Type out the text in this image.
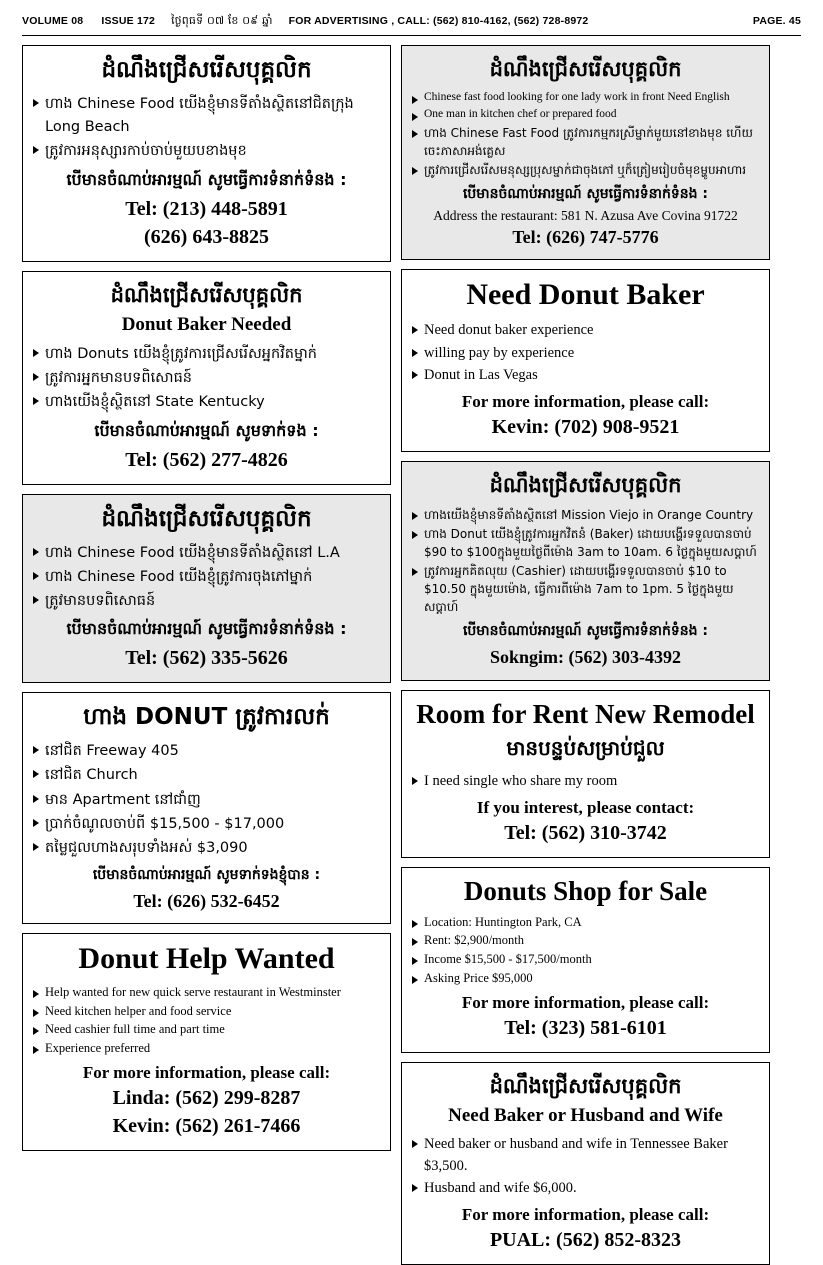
VOLUME 08 ISSUE 172 ថ្ងៃពុធទី ០៧ ខែ ០៩ ឆ្នាំ FOR ADVERTISING , CALL: (562) 810-4162, (562) 728-8972	PAGE. 45
ដំណឹងជ្រើសរើសបុគ្គលិក
ហាង Chinese Food យើងខ្ញុំមានទីតាំងស្ថិតនៅជិតក្រុង Long Beach
ត្រូវការអនុស្សារកាប់ចាប់មួយបខាងមុខ
បើមានចំណាប់អារម្មណ៍ សូមធ្វើការទំនាក់ទំនង :
Tel: (213) 448-5891
(626) 643-8825
ដំណឹងជ្រើសរើសបុគ្គលិក
Donut Baker Needed
ហាង Donuts យើងខ្ញុំត្រូវការជ្រើសរើសអ្នកវិតម្នាក់
ត្រូវការអ្នកមានបទពិសោធន៍
ហាងយើងខ្ញុំស្ថិតនៅ State Kentucky
បើមានចំណាប់អារម្មណ៍ សូមទាក់ទង :
Tel: (562) 277-4826
ដំណឹងជ្រើសរើសបុគ្គលិក
ហាង Chinese Food យើងខ្ញុំមានទីតាំងស្ថិតនៅ L.A
ហាង Chinese Food យើងខ្ញុំត្រូវការចុងភៅម្នាក់
ត្រូវមានបទពិសោធន៍
បើមានចំណាប់អារម្មណ៍ សូមធ្វើការទំនាក់ទំនង :
Tel: (562) 335-5626
ហាង DONUT ត្រូវការលក់
នៅជិត Freeway 405
នៅជិត Church
មាន Apartment នៅជាំញ
ប្រាក់ចំណូលចាប់ពី $15,500 - $17,000
តម្លៃជួលហាងសរុបទាំងអស់ $3,090
បើមានចំណាប់អារម្មណ៍ សូមទាក់ទងខ្ញុំបាន :
Tel: (626) 532-6452
Donut Help Wanted
Help wanted for new quick serve restaurant in Westminster
Need kitchen helper and food service
Need cashier full time and part time
Experience preferred
For more information, please call:
Linda: (562) 299-8287
Kevin: (562) 261-7466
ដំណឹងជ្រើសរើសបុគ្គលិក
Chinese fast food looking for one lady work in front Need English
One man in kitchen chef or prepared food
ហាង Chinese Fast Food ត្រូវការកម្មករស្រីម្នាក់មួយនៅខាងមុខ ហើយចេះភាសាអង់គ្លេស
ត្រូវការជ្រើសរើសមនុស្សប្រុសម្នាក់ជាចុងភៅ ឬក៏ត្រៀមរៀបចំមុខម្ហូបអាហារ
បើមានចំណាប់អារម្មណ៍ សូមធ្វើការទំនាក់ទំនង :
Address the restaurant: 581 N. Azusa Ave Covina 91722
Tel: (626) 747-5776
Need Donut Baker
Need donut baker experience
willing pay by experience
Donut in Las Vegas
For more information, please call:
Kevin: (702) 908-9521
ដំណឹងជ្រើសរើសបុគ្គលិក
ហាងយើងខ្ញុំមានទីតាំងស្ថិតនៅ Mission Viejo in Orange Country
ហាង Donut យើងខ្ញុំត្រូវការអ្នកវិតនំ (Baker) ដោយបង្ហើរទទួលបានចាប់ $90 to $100ក្នុងមួយថ្ងៃពីម៉ោង 3am to 10am. 6 ថ្ងៃក្នុងមួយសប្តាហ៍
ត្រូវការអ្នកគិតលុយ (Cashier) ដោយបង្ហើរទទួលបានចាប់ $10 to $10.50 ក្នុងមួយម៉ោង, ធ្វើការពីម៉ោង 7am to 1pm. 5 ថ្ងៃក្នុងមួយសប្តាហ៍
បើមានចំណាប់អារម្មណ៍ សូមធ្វើការទំនាក់ទំនង :
Sokngim: (562) 303-4392
Room for Rent New Remodel
មានបន្ទប់សម្រាប់ជួល
I need single who share my room
If you interest, please contact:
Tel: (562) 310-3742
Donuts Shop for Sale
Location: Huntington Park, CA
Rent: $2,900/month
Income $15,500 - $17,500/month
Asking Price $95,000
For more information, please call:
Tel: (323) 581-6101
ដំណឹងជ្រើសរើសបុគ្គលិក
Need Baker or Husband and Wife
Need baker or husband and wife in Tennessee Baker $3,500.
Husband and wife $6,000.
For more information, please call:
PUAL: (562) 852-8323
